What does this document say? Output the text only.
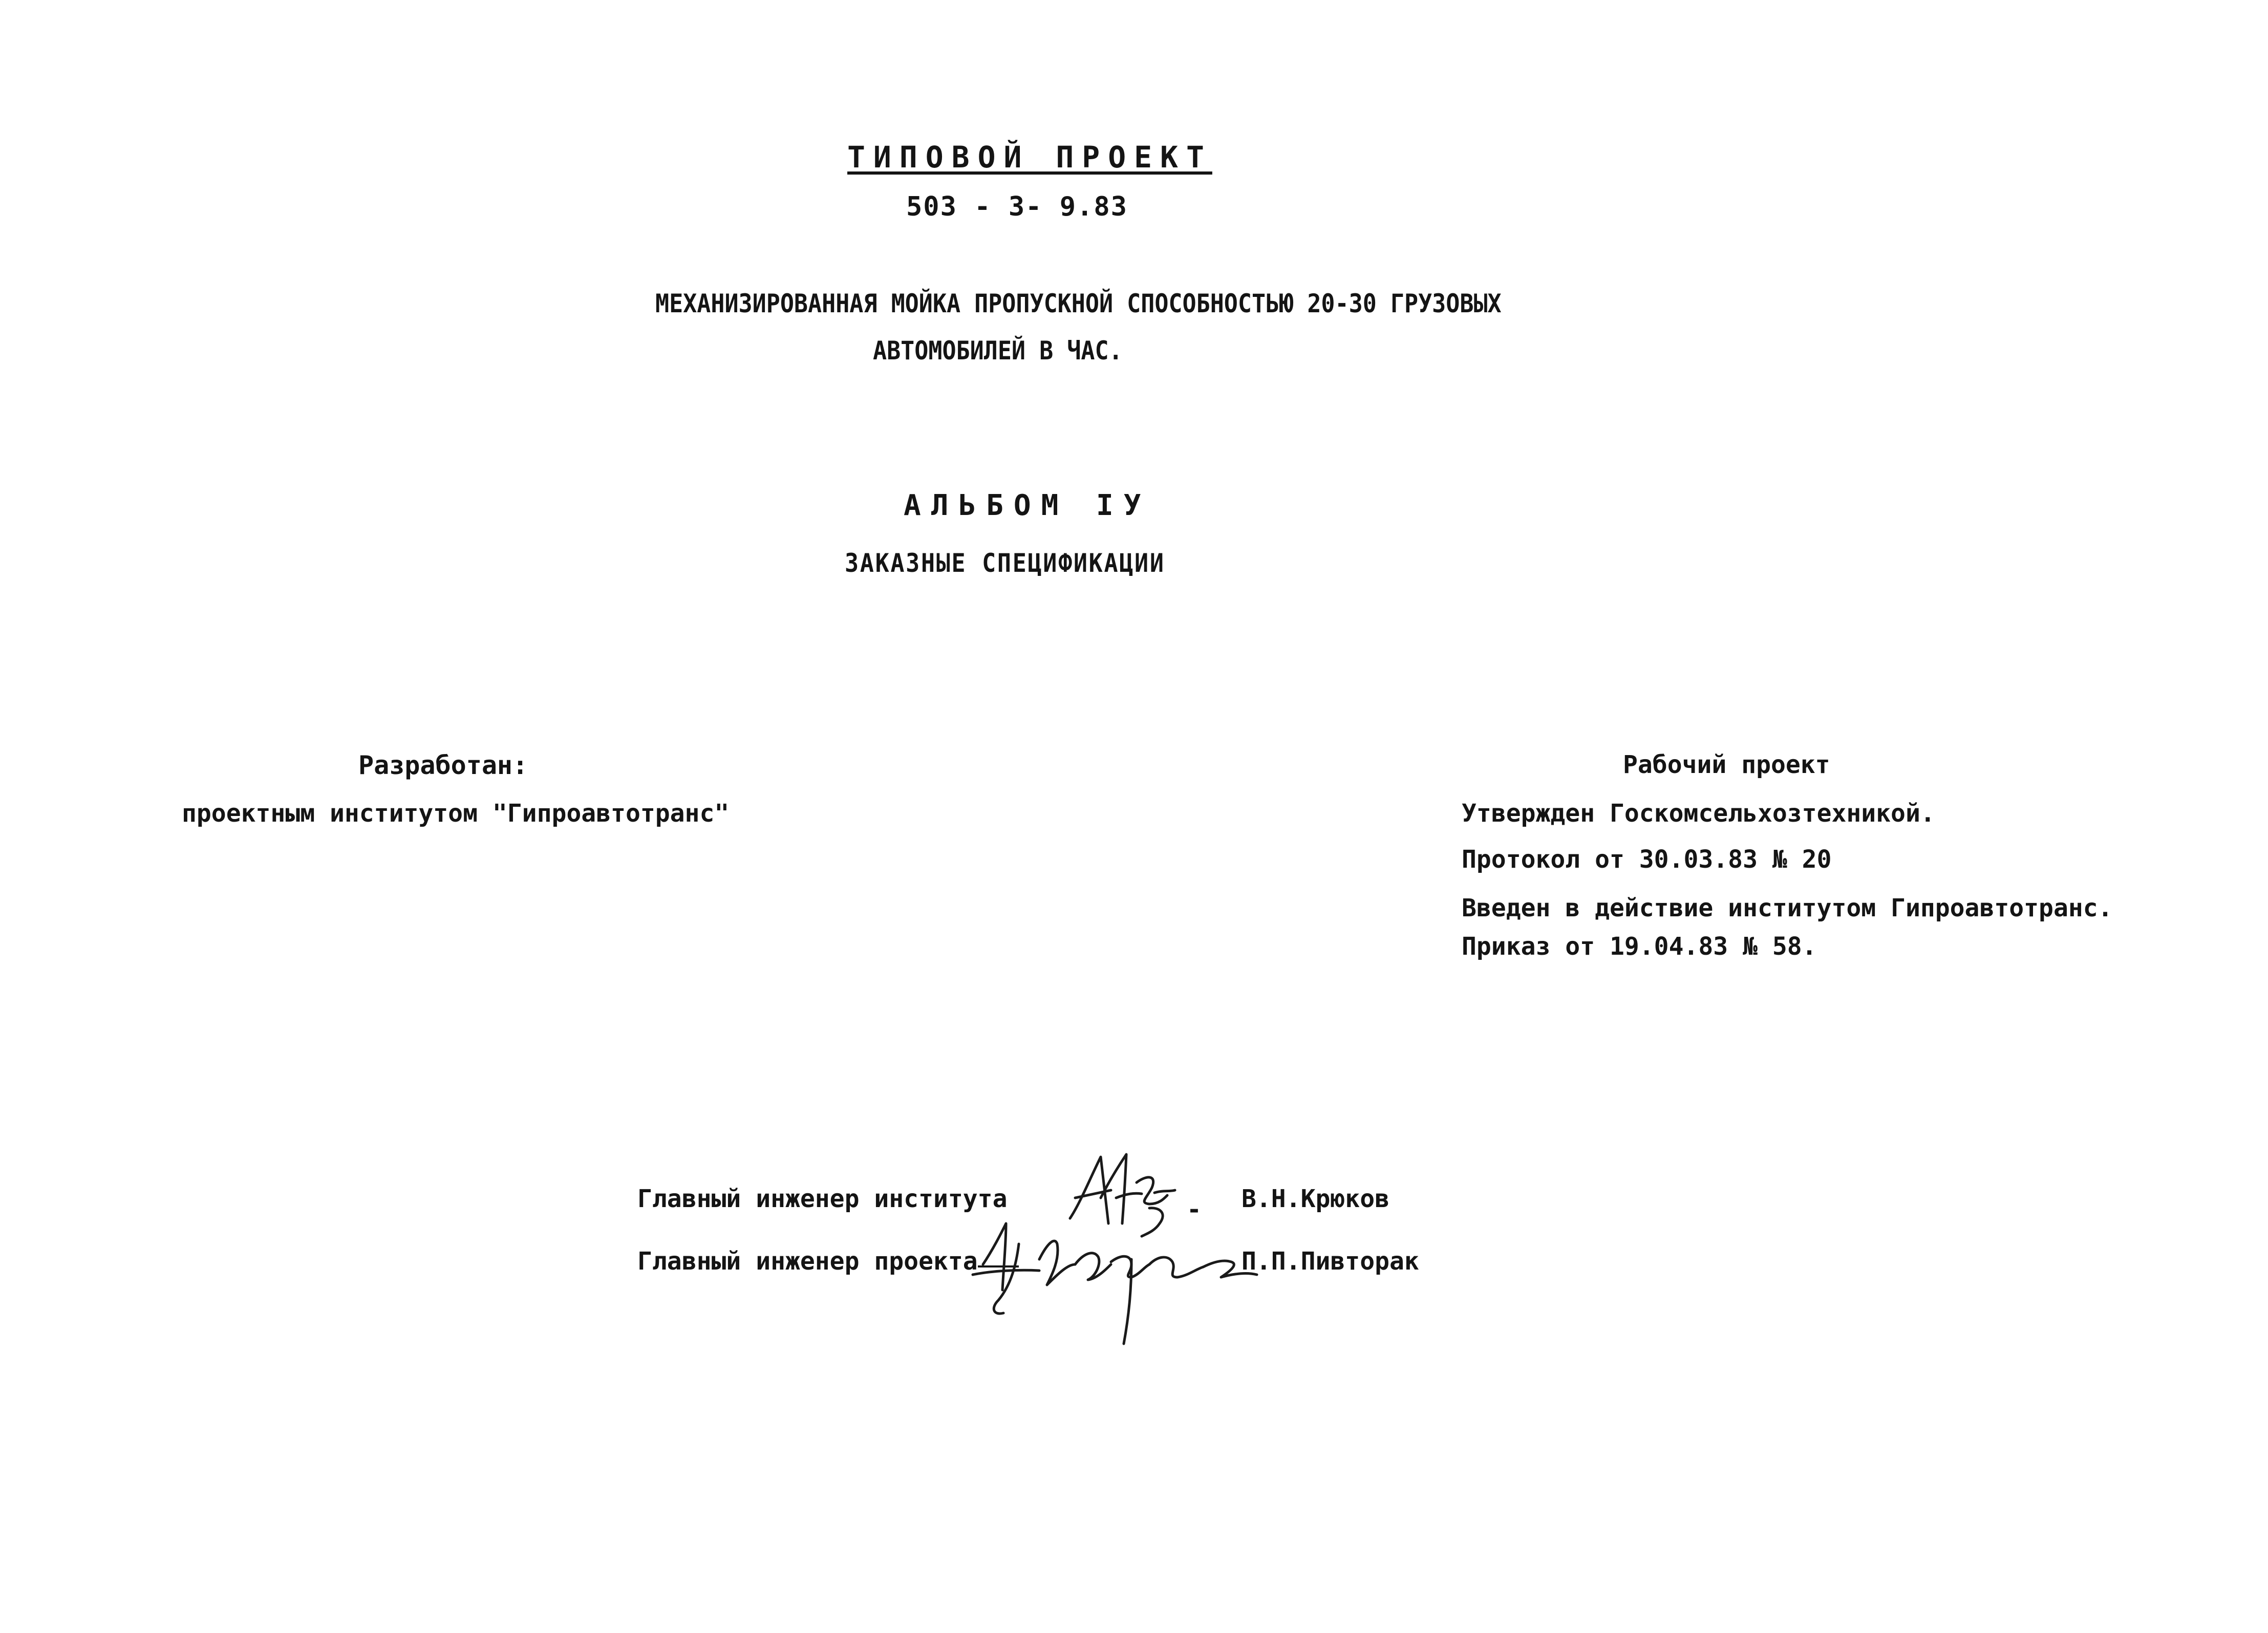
ТИПОВОЙ ПРОЕКТ
503 - 3- 9.83
МЕХАНИЗИРОВАННАЯ МОЙКА ПРОПУСКНОЙ СПОСОБНОСТЬЮ 20-30 ГРУЗОВЫХ
АВТОМОБИЛЕЙ В ЧАС.
АЛЬБОМ IУ
ЗАКАЗНЫЕ СПЕЦИФИКАЦИИ
Разработан:
проектным институтом "Гипроавтотранс"
Рабочий проект
Утвержден Госкомсельхозтехникой.
Протокол от 30.03.83 № 20
Введен в действие институтом Гипроавтотранс.
Приказ от 19.04.83 № 58.
Главный инженер института	В.Н.Крюков
Главный инженер проекта	П.П.Пивторак
-
